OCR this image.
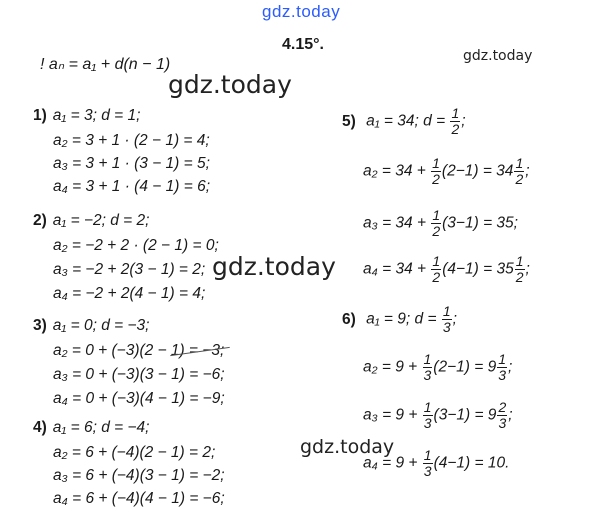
gdz.today
gdz.today
gdz.today
gdz.today
gdz.today
4.15°.
! aₙ = a₁ + d(n − 1)
1) a₁ = 3; d = 1;
a₂ = 3 + 1 · (2 − 1) = 4;
a₃ = 3 + 1 · (3 − 1) = 5;
a₄ = 3 + 1 · (4 − 1) = 6;
2) a₁ = −2; d = 2;
a₂ = −2 + 2 · (2 − 1) = 0;
a₃ = −2 + 2(3 − 1) = 2;
a₄ = −2 + 2(4 − 1) = 4;
3) a₁ = 0; d = −3;
a₂ = 0 + (−3)(2 − 1) = −3;
a₃ = 0 + (−3)(3 − 1) = −6;
a₄ = 0 + (−3)(4 − 1) = −9;
4) a₁ = 6; d = −4;
a₂ = 6 + (−4)(2 − 1) = 2;
a₃ = 6 + (−4)(3 − 1) = −2;
a₄ = 6 + (−4)(4 − 1) = −6;
5) a₁ = 34; $d = \frac{1}{2}$ ;
$a_2 = 34 + \frac{1}{2} (2-1) = 34 \frac{1}{2}$ ;
$a_3 = 34 + \frac{1}{2} (3-1) = 35$;
$a_4 = 34 + \frac{1}{2} (4-1) = 35 \frac{1}{2}$ ;
6) a₁ = 9; $d = \frac{1}{3}$ ;
$a_2 = 9 + \frac{1}{3} (2-1) = 9 \frac{1}{3}$ ;
$a_3 = 9 + \frac{1}{3} (3-1) = 9 \frac{2}{3}$ ;
$a_4 = 9 + \frac{1}{3} (4-1) = 10$.
